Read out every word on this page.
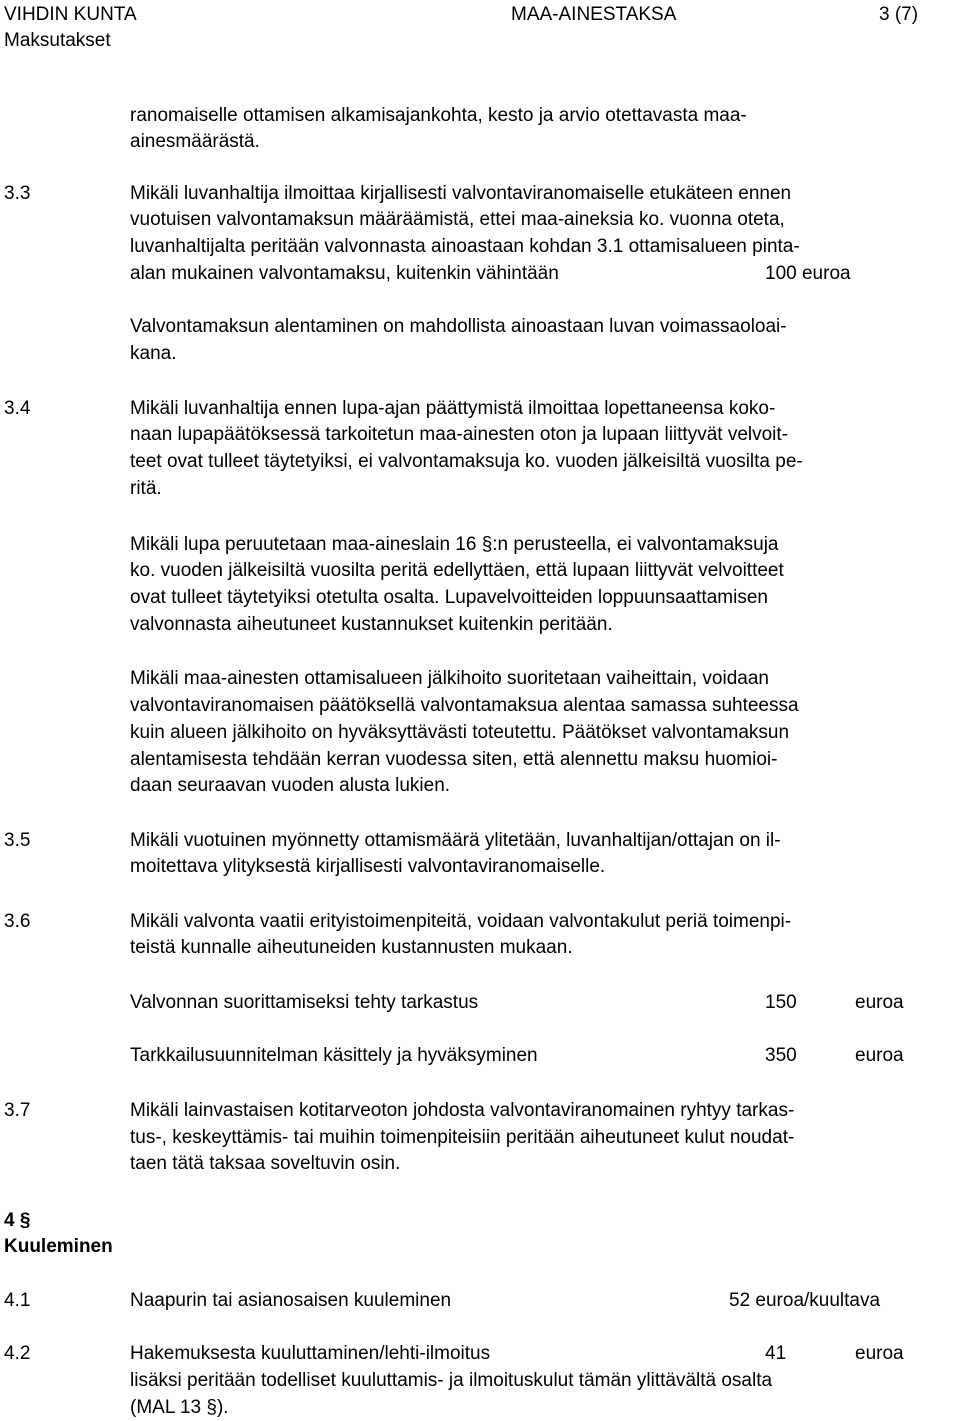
VIHDIN KUNTA	MAA-AINESTAKSA	3 (7)
Maksutakset
ranomaiselle ottamisen alkamisajankohta, kesto ja arvio otettavasta maa-
ainesmäärästä.
3.3	Mikäli luvanhaltija ilmoittaa kirjallisesti valvontaviranomaiselle etukäteen ennen
vuotuisen valvontamaksun määräämistä, ettei maa-aineksia ko. vuonna oteta,
luvanhaltijalta peritään valvonnasta ainoastaan kohdan 3.1 ottamisalueen pinta-
alan mukainen valvontamaksu, kuitenkin vähintään	100 euroa
Valvontamaksun alentaminen on mahdollista ainoastaan luvan voimassaoloai-
kana.
3.4	Mikäli luvanhaltija ennen lupa-ajan päättymistä ilmoittaa lopettaneensa koko-
naan lupapäätöksessä tarkoitetun maa-ainesten oton ja lupaan liittyvät velvoit-
teet ovat tulleet täytetyiksi, ei valvontamaksuja ko. vuoden jälkeisiltä vuosilta pe-
ritä.
Mikäli lupa peruutetaan maa-aineslain 16 §:n perusteella, ei valvontamaksuja
ko. vuoden jälkeisiltä vuosilta peritä edellyttäen, että lupaan liittyvät velvoitteet
ovat tulleet täytetyiksi otetulta osalta. Lupavelvoitteiden loppuunsaattamisen
valvonnasta aiheutuneet kustannukset kuitenkin peritään.
Mikäli maa-ainesten ottamisalueen jälkihoito suoritetaan vaiheittain, voidaan
valvontaviranomaisen päätöksellä valvontamaksua alentaa samassa suhteessa
kuin alueen jälkihoito on hyväksyttävästi toteutettu. Päätökset valvontamaksun
alentamisesta tehdään kerran vuodessa siten, että alennettu maksu huomioi-
daan seuraavan vuoden alusta lukien.
3.5	Mikäli vuotuinen myönnetty ottamismäärä ylitetään, luvanhaltijan/ottajan on il-
moitettava ylityksestä kirjallisesti valvontaviranomaiselle.
3.6	Mikäli valvonta vaatii erityistoimenpiteitä, voidaan valvontakulut periä toimenpi-
teistä kunnalle aiheutuneiden kustannusten mukaan.
Valvonnan suorittamiseksi tehty tarkastus	150	euroa
Tarkkailusuunnitelman käsittely ja hyväksyminen	350	euroa
3.7	Mikäli lainvastaisen kotitarveoton johdosta valvontaviranomainen ryhtyy tarkas-
tus-, keskeyttämis- tai muihin toimenpiteisiin peritään aiheutuneet kulut noudat-
taen tätä taksaa soveltuvin osin.
4 §
Kuuleminen
4.1	Naapurin tai asianosaisen kuuleminen	52 euroa/kuultava
4.2	Hakemuksesta kuuluttaminen/lehti-ilmoitus	41	euroa
lisäksi peritään todelliset kuuluttamis- ja ilmoituskulut tämän ylittävältä osalta
(MAL 13 §).
